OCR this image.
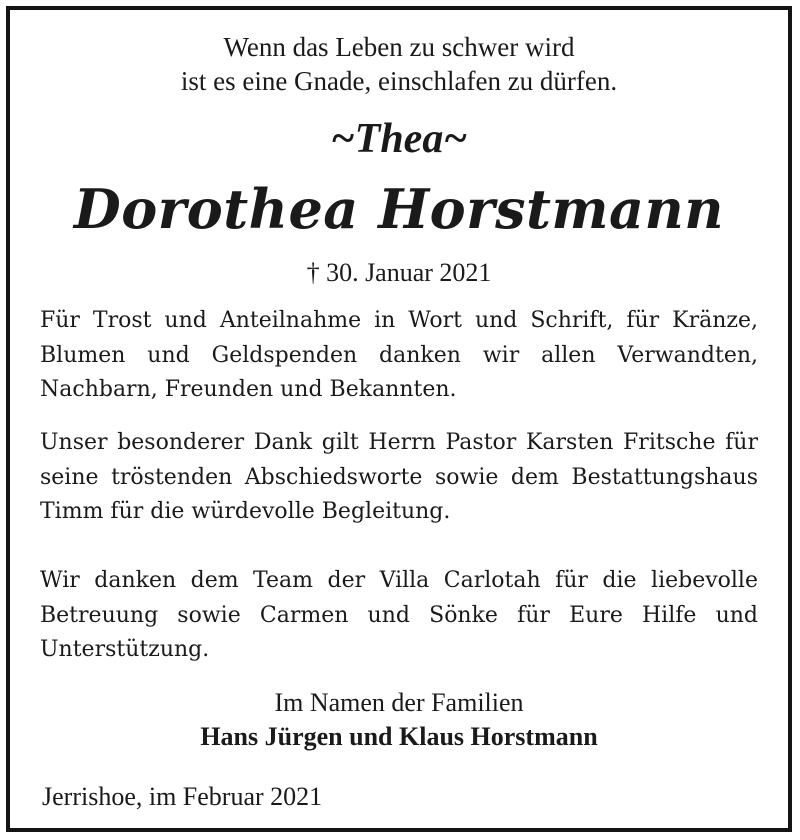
Wenn das Leben zu schwer wird
ist es eine Gnade, einschlafen zu dürfen.
~Thea~
Dorothea Horstmann
† 30. Januar 2021

Für Trost und Anteilnahme in Wort und Schrift, für Kränze, Blumen und Geldspenden danken wir allen Verwandten, Nachbarn, Freunden und Bekannten.

Unser besonderer Dank gilt Herrn Pastor Karsten Fritsche für seine tröstenden Abschiedsworte sowie dem Bestattungshaus Timm für die würdevolle Begleitung.

Wir danken dem Team der Villa Carlotah für die liebevolle Betreuung sowie Carmen und Sönke für Eure Hilfe und Unterstützung.

Im Namen der Familien
Hans Jürgen und Klaus Horstmann
Jerrishoe, im Februar 2021
